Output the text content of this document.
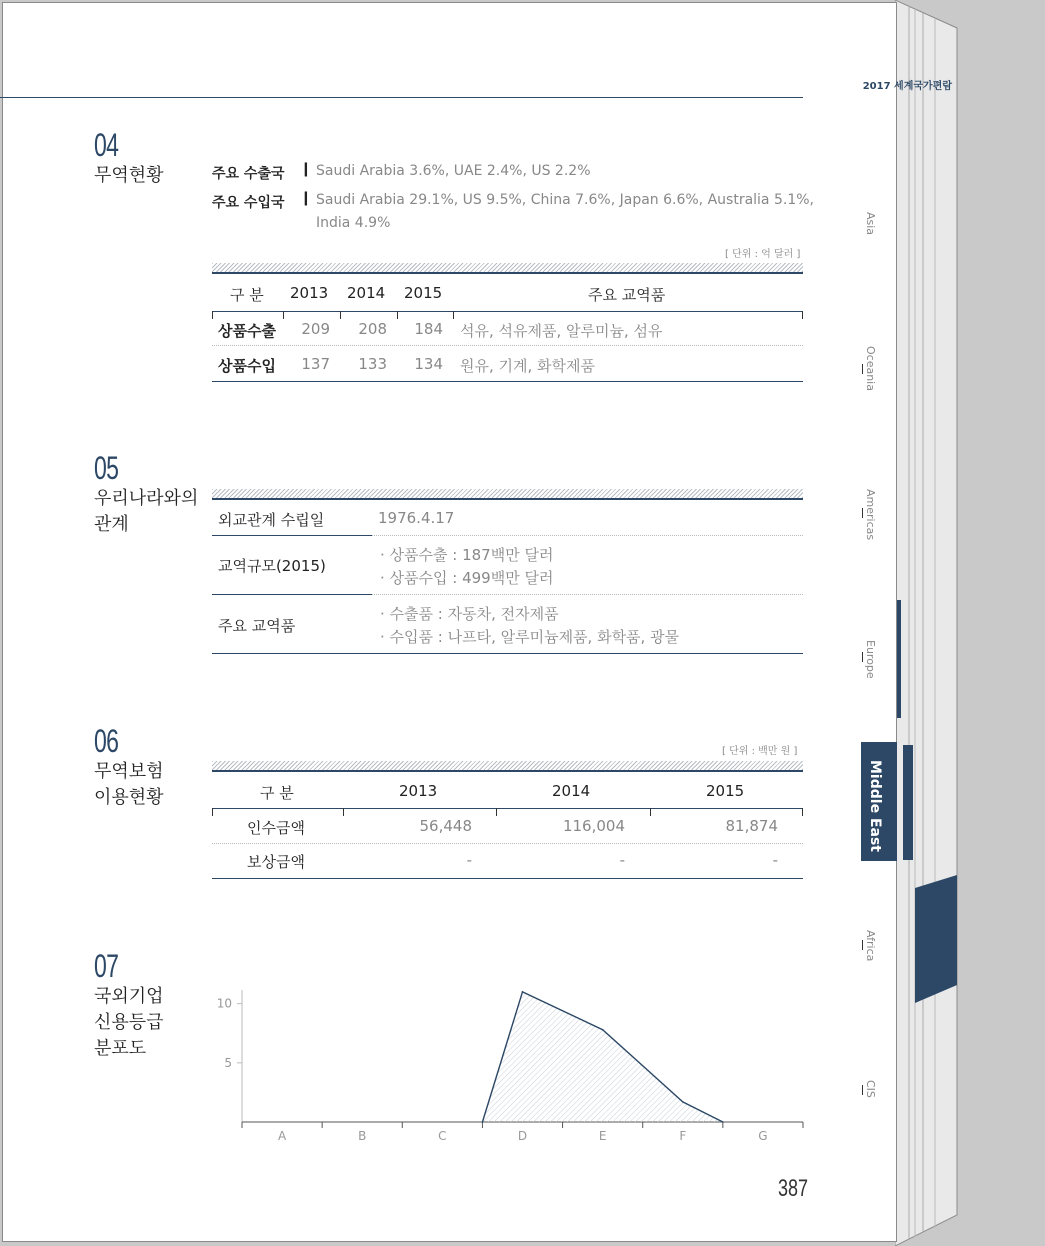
2017 세계국가편람
Asia
Oceania
Americas
Europe
Middle East
Africa
CIS
04
무역현황	주요 수출국 ❙ Saudi Arabia 3.6%, UAE 2.4%, US 2.2%
주요 수입국 ❙ Saudi Arabia 29.1%, US 9.5%, China 7.6%, Japan 6.6%, Australia 5.1%,
India 4.9%
[ 단위 : 억 달러 ]
구 분 2013 2014 2015	주요 교역품
상품수출	209	208	184 석유, 석유제품, 알루미늄, 섬유
상품수입	137	133	134 원유, 기계, 화학제품
05
우리나라와의
관계	외교관계 수립일	1976.4.17
교역규모(2015)
· 상품수출 : 187백만 달러
· 상품수입 : 499백만 달러
주요 교역품
· 수출품 : 자동차, 전자제품
· 수입품 : 나프타, 알루미늄제품, 화학품, 광물
06
무역보험
이용현황
[ 단위 : 백만 원 ]
구 분	2013	2014	2015
인수금액	56,448	116,004	81,874
보상금액	-	-	-
07
국외기업
신용등급
분포도
5
10
A	B	C	D	E	F	G
387
